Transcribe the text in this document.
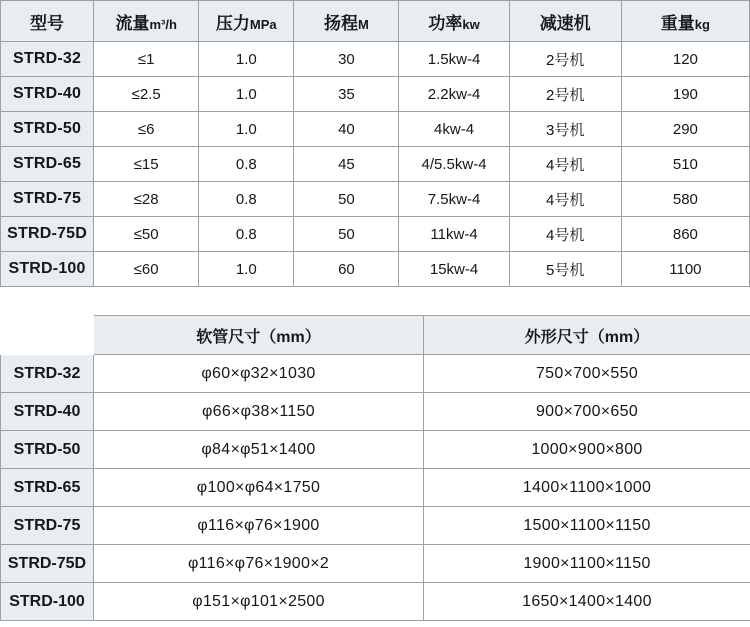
型号	流量m³/h	压力MPa	扬程M	功率kw	减速机	重量kg
STRD-32	≤1	1.0	30	1.5kw-4	2号机	120
STRD-40	≤2.5	1.0	35	2.2kw-4	2号机	190
STRD-50	≤6	1.0	40	4kw-4	3号机	290
STRD-65	≤15	0.8	45	4/5.5kw-4	4号机	510
STRD-75	≤28	0.8	50	7.5kw-4	4号机	580
STRD-75D	≤50	0.8	50	11kw-4	4号机	860
STRD-100	≤60	1.0	60	15kw-4	5号机	1100
	软管尺寸（mm）	外形尺寸（mm）
STRD-32	φ60×φ32×1030	750×700×550
STRD-40	φ66×φ38×1150	900×700×650
STRD-50	φ84×φ51×1400	1000×900×800
STRD-65	φ100×φ64×1750	1400×1100×1000
STRD-75	φ116×φ76×1900	1500×1100×1150
STRD-75D	φ116×φ76×1900×2	1900×1100×1150
STRD-100	φ151×φ101×2500	1650×1400×1400
